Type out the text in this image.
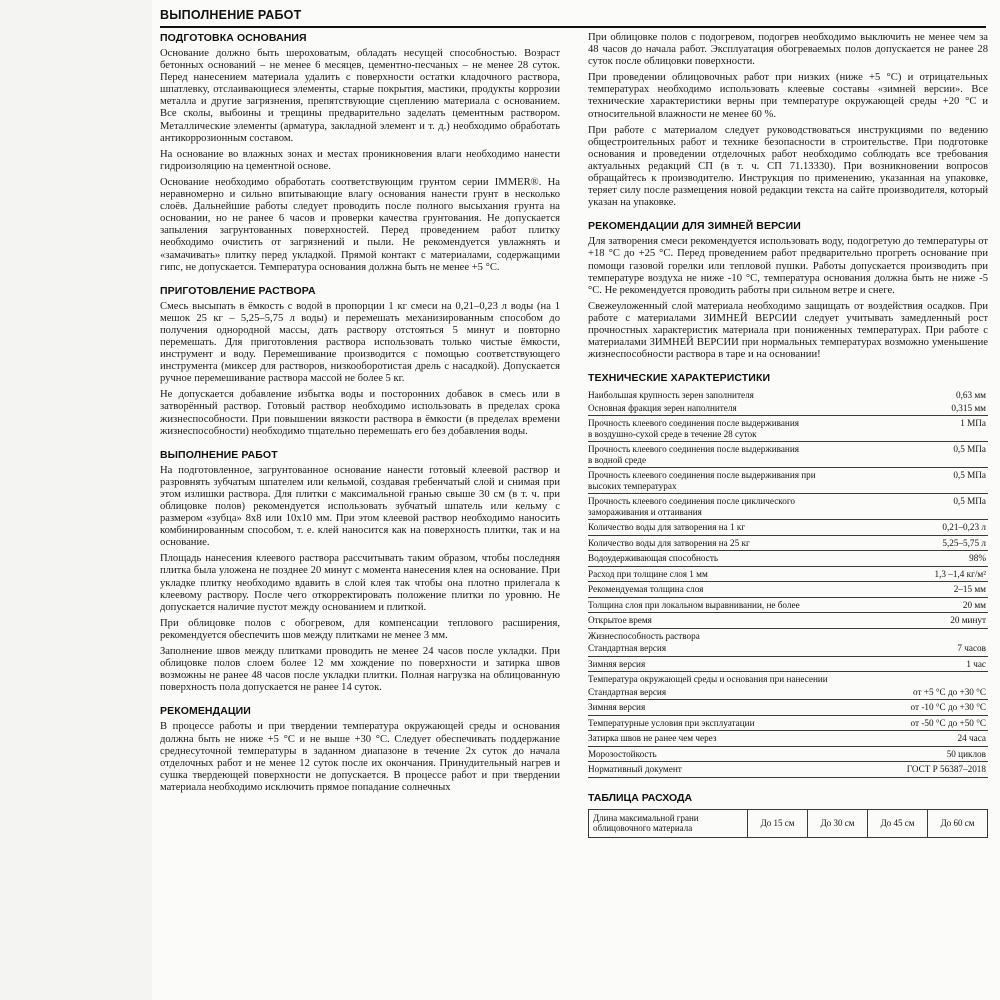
ВЫПОЛНЕНИЕ РАБОТ
ПОДГОТОВКА ОСНОВАНИЯ

Основание должно быть шероховатым, обладать несущей способностью. Возраст бетонных оснований – не менее 6 месяцев, цементно-песчаных – не менее 28 суток. Перед нанесением материала удалить с поверхности остатки кладочного раствора, шпатлевку, отслаивающиеся элементы, старые покрытия, мастики, продукты коррозии металла и другие загрязнения, препятствующие сцеплению материала с основанием. Все сколы, выбоины и трещины предварительно заделать цементным раствором. Металлические элементы (арматура, закладной элемент и т. д.) необходимо обработать антикоррозионным составом.

На основание во влажных зонах и местах проникновения влаги необходимо нанести гидроизоляцию на цементной основе.

Основание необходимо обработать соответствующим грунтом серии IMMER®. На неравномерно и сильно впитывающие влагу основания нанести грунт в несколько слоёв. Дальнейшие работы следует проводить после полного высыхания грунта на основании, но не ранее 6 часов и проверки качества грунтования. Не допускается запыления загрунтованных поверхностей. Перед проведением работ плитку необходимо очистить от загрязнений и пыли. Не рекомендуется увлажнять и «замачивать» плитку перед укладкой. Прямой контакт с материалами, содержащими гипс, не допускается. Температура основания должна быть не менее +5 °С.

ПРИГОТОВЛЕНИЕ РАСТВОРА

Смесь высыпать в ёмкость с водой в пропорции 1 кг смеси на 0,21–0,23 л воды (на 1 мешок 25 кг – 5,25–5,75 л воды) и перемешать механизированным способом до получения однородной массы, дать раствору отстояться 5 минут и повторно перемешать. Для приготовления раствора использовать только чистые ёмкости, инструмент и воду. Перемешивание производится с помощью соответствующего инструмента (миксер для растворов, низкооборотистая дрель с насадкой). Допускается ручное перемешивание раствора массой не более 5 кг.

Не допускается добавление избытка воды и посторонних добавок в смесь или в затворённый раствор. Готовый раствор необходимо использовать в пределах срока жизнеспособности. При повышении вязкости раствора в ёмкости (в пределах времени жизнеспособности) необходимо тщательно перемешать его без добавления воды.

ВЫПОЛНЕНИЕ РАБОТ

На подготовленное, загрунтованное основание нанести готовый клеевой раствор и разровнять зубчатым шпателем или кельмой, создавая гребенчатый слой и снимая при этом излишки раствора. Для плитки с максимальной гранью свыше 30 см (в т. ч. при облицовке полов) рекомендуется использовать зубчатый шпатель или кельму с размером «зубца» 8x8 или 10x10 мм. При этом клеевой раствор необходимо наносить комбинированным способом, т. е. клей наносится как на поверхность плитки, так и на основание.

Площадь нанесения клеевого раствора рассчитывать таким образом, чтобы последняя плитка была уложена не позднее 20 минут с момента нанесения клея на основание. При укладке плитку необходимо вдавить в слой клея так чтобы она плотно прилегала к клеевому раствору. После чего откорректировать положение плитки по уровню. Не допускается наличие пустот между основанием и плиткой.

При облицовке полов с обогревом, для компенсации теплового расширения, рекомендуется обеспечить шов между плитками не менее 3 мм.

Заполнение швов между плитками проводить не менее 24 часов после укладки. При облицовке полов слоем более 12 мм хождение по поверхности и затирка швов возможны не ранее 48 часов после укладки плитки. Полная нагрузка на облицованную поверхность пола допускается не ранее 14 суток.

РЕКОМЕНДАЦИИ

В процессе работы и при твердении температура окружающей среды и основания должна быть не ниже +5 °С и не выше +30 °С. Следует обеспечивать поддержание среднесуточной температуры в заданном диапазоне в течение 2х суток до начала отделочных работ и не менее 12 суток после их окончания. Принудительный нагрев и сушка твердеющей поверхности не допускается. В процессе работ и при твердении материала необходимо исключить прямое попадание солнечных

При облицовке полов с подогревом, подогрев необходимо выключить не менее чем за 48 часов до начала работ. Эксплуатация обогреваемых полов допускается не ранее 28 суток после облицовки поверхности.

При проведении облицовочных работ при низких (ниже +5 °С) и отрицательных температурах необходимо использовать клеевые составы «зимней версии». Все технические характеристики верны при температуре окружающей среды +20 °С и относительной влажности не менее 60 %.

При работе с материалом следует руководствоваться инструкциями по ведению общестроительных работ и технике безопасности в строительстве. При подготовке основания и проведении отделочных работ необходимо соблюдать все требования актуальных редакций СП (в т. ч. СП 71.13330). При возникновении вопросов обращайтесь к производителю. Инструкция по применению, указанная на упаковке, теряет силу после размещения новой редакции текста на сайте производителя, который указан на упаковке.

РЕКОМЕНДАЦИИ ДЛЯ ЗИМНЕЙ ВЕРСИИ

Для затворения смеси рекомендуется использовать воду, подогретую до температуры от +18 °С до +25 °С. Перед проведением работ предварительно прогреть основание при помощи газовой горелки или тепловой пушки. Работы допускается производить при температуре воздуха не ниже -10 °С, температура основания должна быть не ниже -5 °С. Не рекомендуется проводить работы при сильном ветре и снеге.

Свежеуложенный слой материала необходимо защищать от воздействия осадков. При работе с материалами ЗИМНЕЙ ВЕРСИИ следует учитывать замедленный рост прочностных характеристик материала при пониженных температурах. При работе с материалами ЗИМНЕЙ ВЕРСИИ при нормальных температурах возможно уменьшение жизнеспособности раствора в таре и на основании!

ТЕХНИЧЕСКИЕ ХАРАКТЕРИСТИКИ
Наибольшая крупность зерен заполнителя	0,63 мм
Основная фракция зерен наполнителя	0,315 мм
Прочность клеевого соединения после выдерживания	1 МПа
в воздушно-сухой среде в течение 28 суток	
Прочность клеевого соединения после выдерживания	0,5 МПа
в водной среде	
Прочность клеевого соединения после выдерживания при	0,5 МПа
высоких температурах	
Прочность клеевого соединения после циклического	0,5 МПа
замораживания и оттаивания	
Количество воды для затворения на 1 кг	0,21–0,23 л
Количество воды для затворения на 25 кг	5,25–5,75 л
Водоудерживающая способность	98%
Расход при толщине слоя 1 мм	1,3 –1,4 кг/м²
Рекомендуемая толщина слоя	2–15 мм
Толщина слоя при локальном выравнивании, не более	20 мм
Открытое время	20 минут
Жизнеспособность раствора	
Стандартная версия	7 часов
Зимняя версия	1 час
Температура окружающей среды и основания при нанесении	
Стандартная версия	от +5 °С до +30 °С
Зимняя версия	от -10 °С до +30 °С
Температурные условия при эксплуатации	от -50 °С до +50 °С
Затирка швов не ранее чем через	24 часа
Морозостойкость	50 циклов
Нормативный документ	ГОСТ Р 56387–2018
ТАБЛИЦА РАСХОДА
Длина максимальной грани облицовочного материала	До 15 см	До 30 см	До 45 см	До 60 см
